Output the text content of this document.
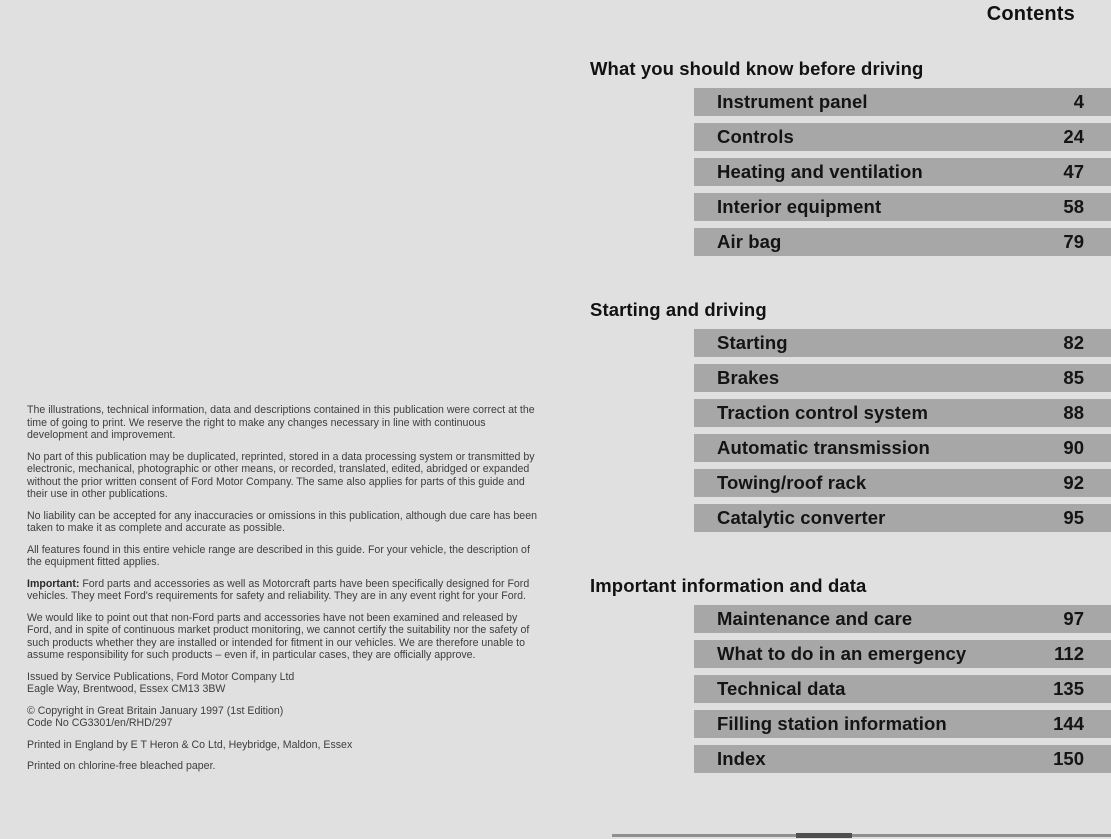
Contents

The illustrations, technical information, data and descriptions contained in this publication were correct at the time of going to print. We reserve the right to make any changes necessary in line with continuous development and improvement.

No part of this publication may be duplicated, reprinted, stored in a data processing system or transmitted by electronic, mechanical, photographic or other means, or recorded, translated, edited, abridged or expanded without the prior written consent of Ford Motor Company. The same also applies for parts of this guide and their use in other publications.

No liability can be accepted for any inaccuracies or omissions in this publication, although due care has been taken to make it as complete and accurate as possible.

All features found in this entire vehicle range are described in this guide. For your vehicle, the description of the equipment fitted applies.

Important: Ford parts and accessories as well as Motorcraft parts have been specifically designed for Ford vehicles. They meet Ford's requirements for safety and reliability. They are in any event right for your Ford.

We would like to point out that non-Ford parts and accessories have not been examined and released by Ford, and in spite of continuous market product monitoring, we cannot certify the suitability nor the safety of such products whether they are installed or intended for fitment in our vehicles. We are therefore unable to assume responsibility for such products – even if, in particular cases, they are officially approve.

Issued by Service Publications, Ford Motor Company Ltd
Eagle Way, Brentwood, Essex CM13 3BW

© Copyright in Great Britain January 1997 (1st Edition)
Code No CG3301/en/RHD/297

Printed in England by E T Heron & Co Ltd, Heybridge, Maldon, Essex

Printed on chlorine-free bleached paper.

What you should know before driving
Instrument panel	4
Controls	24
Heating and ventilation	47
Interior equipment	58
Air bag	79
Starting and driving
Starting	82
Brakes	85
Traction control system	88
Automatic transmission	90
Towing/roof rack	92
Catalytic converter	95
Important information and data
Maintenance and care	97
What to do in an emergency	112
Technical data	135
Filling station information	144
Index	150
